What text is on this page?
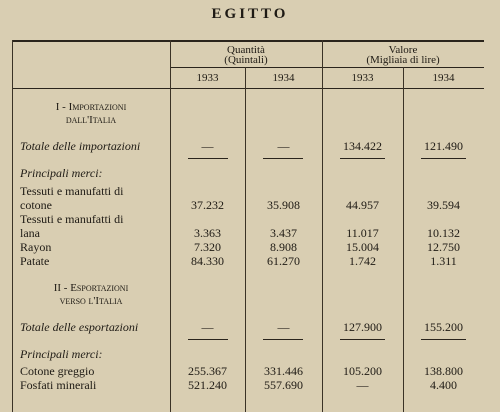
EGITTO
Quantità
(Quintali)
Valore
(Migliaia di lire)
1933	1934	1933	1934
I - Importazioni
dall'Italia
Totale delle importazioni	—	—	134.422	121.490
Principali merci:
Tessuti e manufatti di
cotone	37.232	35.908	44.957	39.594
Tessuti e manufatti di
lana	3.363	3.437	11.017	10.132
Rayon	7.320	8.908	15.004	12.750
Patate	84.330	61.270	1.742	1.311
II - Esportazioni
verso l'Italia
Totale delle esportazioni	—	—	127.900	155.200
Principali merci:
Cotone greggio	255.367	331.446	105.200	138.800
Fosfati minerali	521.240	557.690	—	4.400
